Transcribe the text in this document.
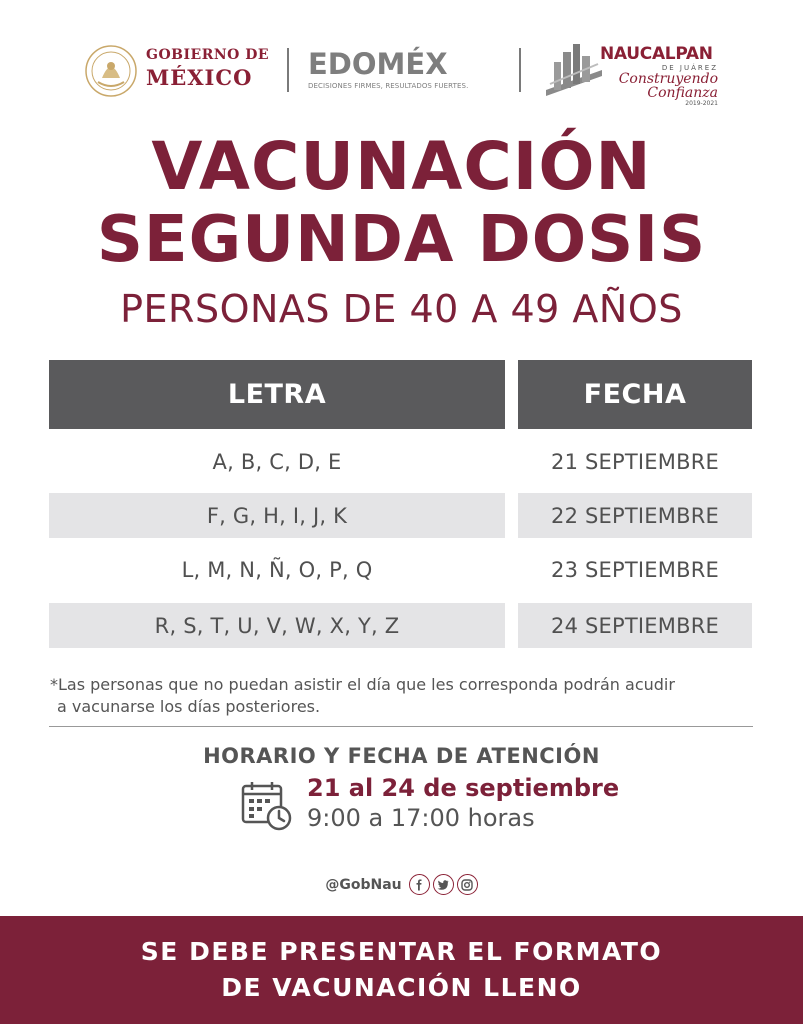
GOBIERNO DE
MÉXICO	EDOMÉX
DECISIONES FIRMES, RESULTADOS FUERTES.
NAUCALPAN
DE JUÁREZ
Construyendo Confianza
2019-2021
VACUNACIÓN
SEGUNDA DOSIS
PERSONAS DE 40 A 49 AÑOS
LETRA	FECHA
A, B, C, D, E	21 SEPTIEMBRE
F, G, H, I, J, K	22 SEPTIEMBRE
L, M, N, Ñ, O, P, Q	23 SEPTIEMBRE
R, S, T, U, V, W, X, Y, Z	24 SEPTIEMBRE
*Las personas que no puedan asistir el día que les corresponda podrán acudir
a vacunarse los días posteriores.
HORARIO Y FECHA DE ATENCIÓN
21 al 24 de septiembre
9:00 a 17:00 horas
@GobNau
SE DEBE PRESENTAR EL FORMATO
DE VACUNACIÓN LLENO
